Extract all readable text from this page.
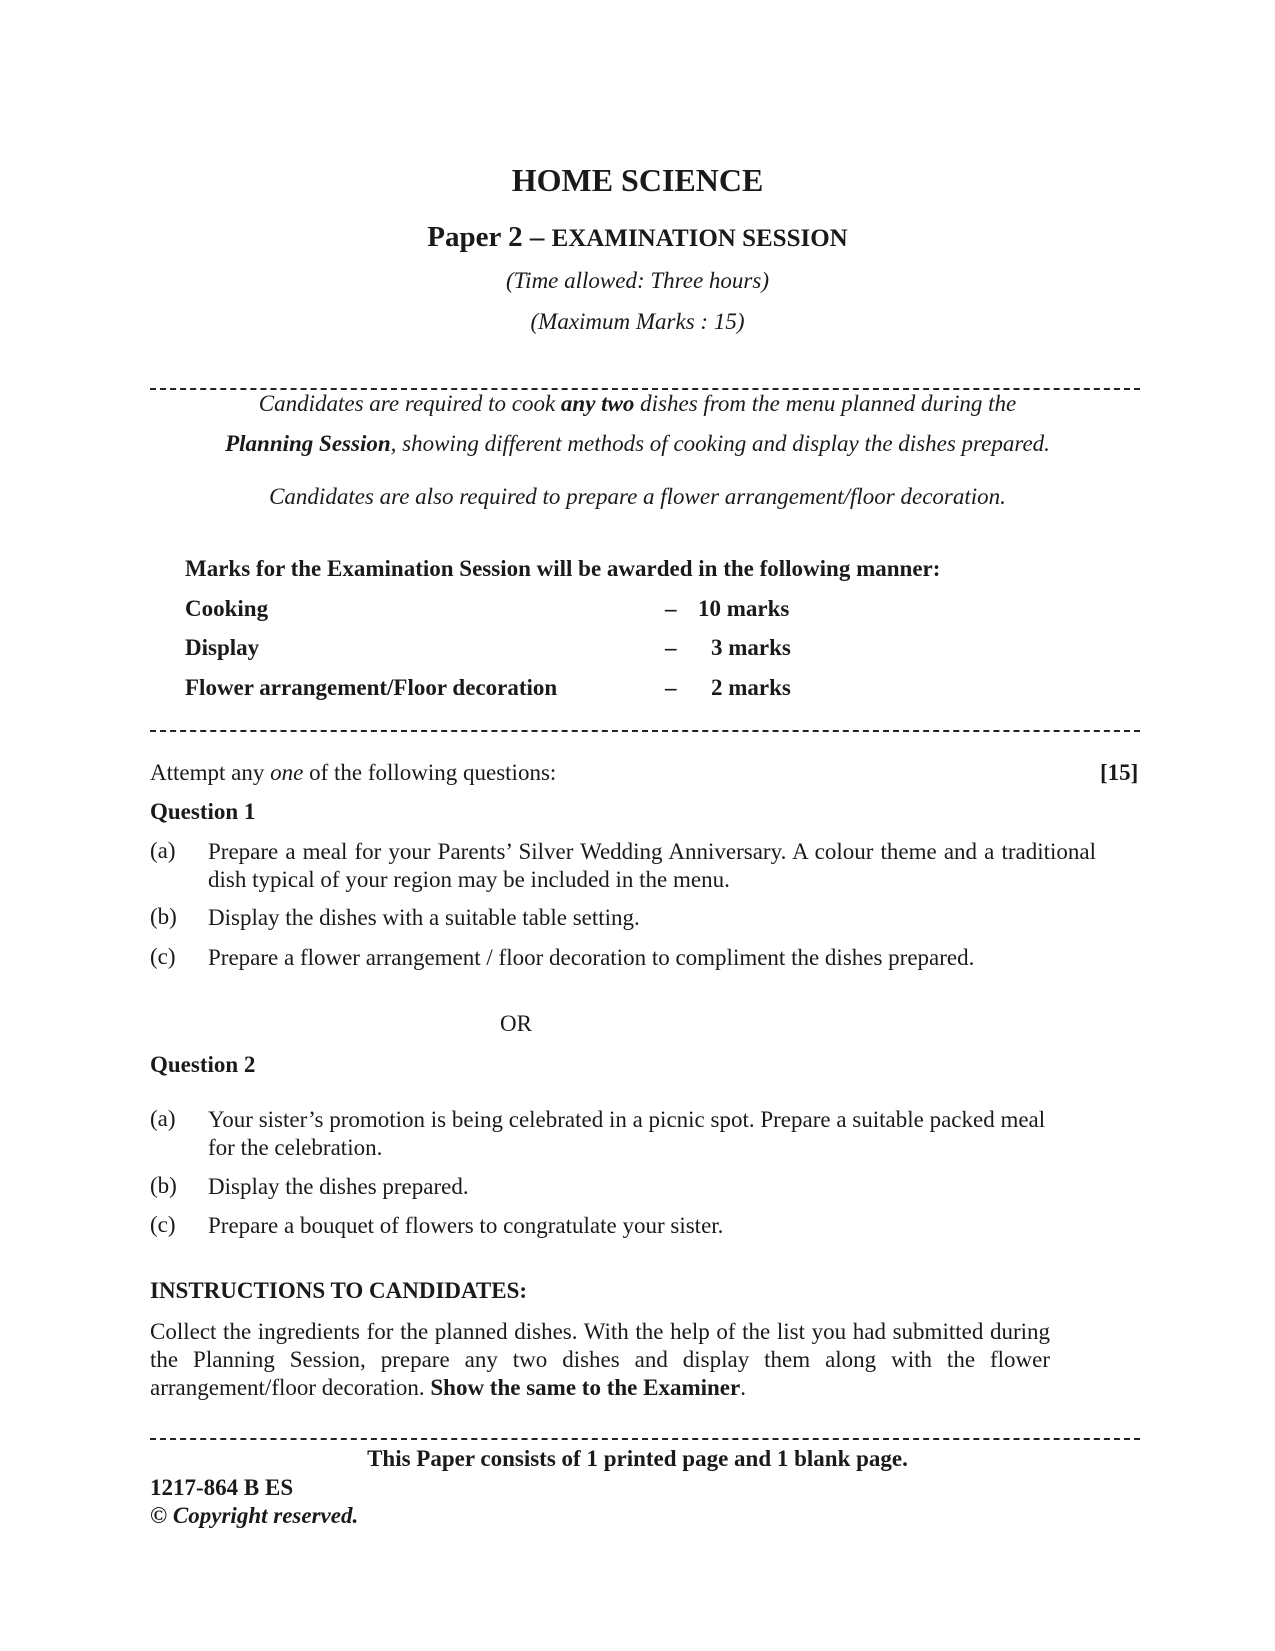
HOME SCIENCE
Paper 2 – EXAMINATION SESSION
(Time allowed: Three hours)
(Maximum Marks : 15)
Candidates are required to cook any two dishes from the menu planned during the
Planning Session, showing different methods of cooking and display the dishes prepared.
Candidates are also required to prepare a flower arrangement/floor decoration.
Marks for the Examination Session will be awarded in the following manner:
Cooking	– 10 marks
Display	– 3 marks
Flower arrangement/Floor decoration	– 2 marks
Attempt any one of the following questions:	[15]
Question 1
(a) Prepare a meal for your Parents’ Silver Wedding Anniversary. A colour theme and a traditional dish typical of your region may be included in the menu.
(b) Display the dishes with a suitable table setting.
(c) Prepare a flower arrangement / floor decoration to compliment the dishes prepared.
OR
Question 2
(a) Your sister’s promotion is being celebrated in a picnic spot. Prepare a suitable packed meal for the celebration.
(b) Display the dishes prepared.
(c) Prepare a bouquet of flowers to congratulate your sister.
INSTRUCTIONS TO CANDIDATES:
Collect the ingredients for the planned dishes. With the help of the list you had submitted during the Planning Session, prepare any two dishes and display them along with the flower arrangement/floor decoration. Show the same to the Examiner.
This Paper consists of 1 printed page and 1 blank page.
1217-864 B ES
© Copyright reserved.
